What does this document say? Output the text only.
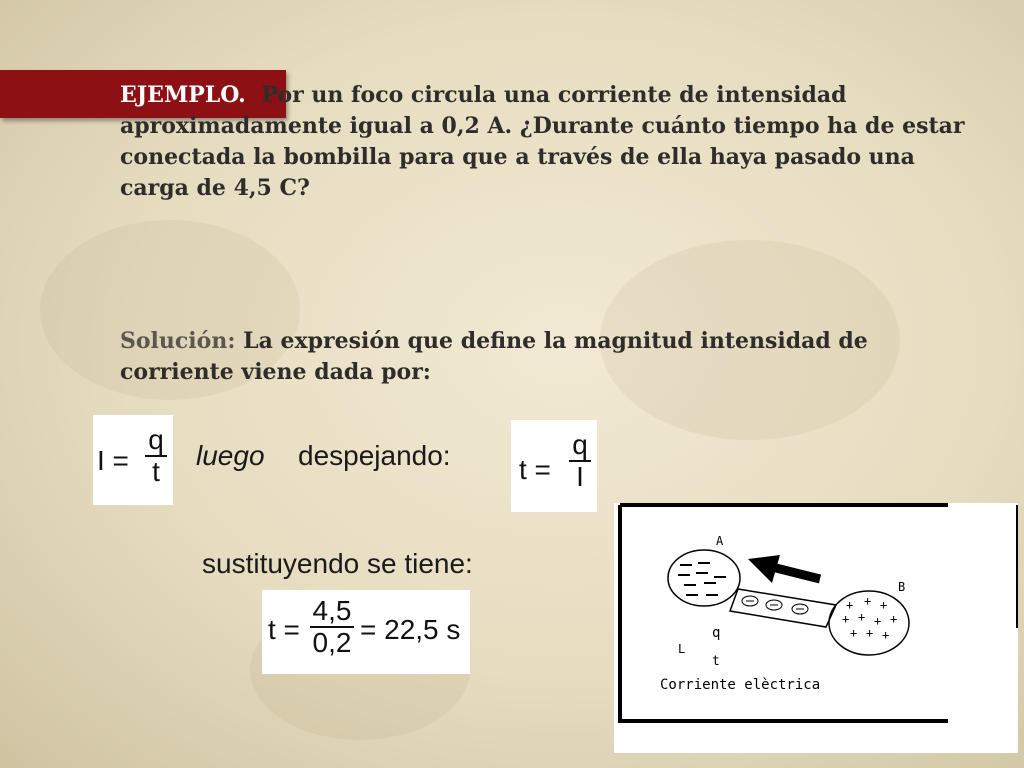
EJEMPLO. Por un foco circula una corriente de intensidad aproximadamente igual a 0,2 A. ¿Durante cuánto tiempo ha de estar conectada la bombilla para que a través de ella haya pasado una carga de 4,5 C?
Solución: La expresión que define la magnitud intensidad de corriente viene dada por:
I =
q
t
luego despejando: t =
q
I
sustituyendo se tiene:
t =
4,5
0,2 = 22,5 s
+ + +
+ + + +
+ + +
A
B
L
q
t
Corriente elèctrica
